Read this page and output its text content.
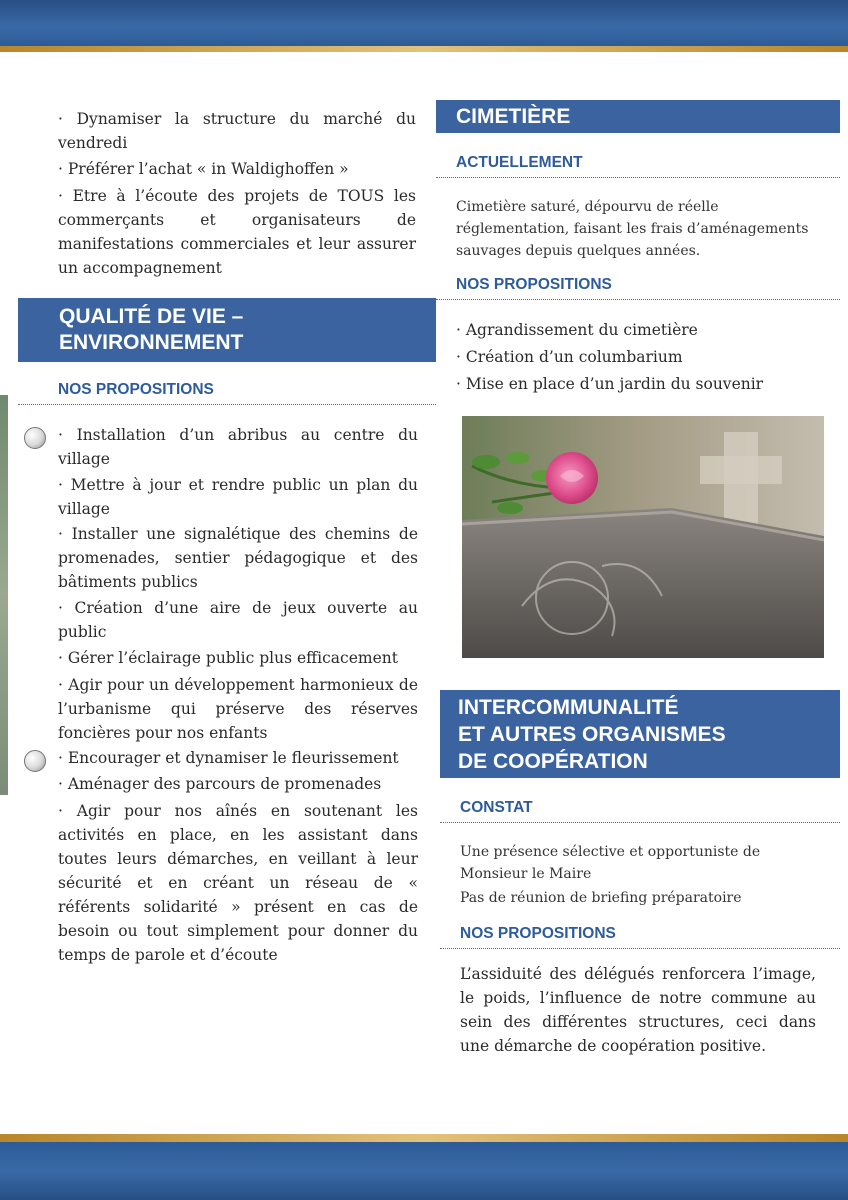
· Dynamiser la structure du marché du vendredi
· Préférer l’achat « in Waldighoffen »
· Etre à l’écoute des projets de TOUS les commerçants et organisateurs de manifestations commerciales et leur assurer un accompagnement
QUALITÉ DE VIE –
ENVIRONNEMENT
NOS PROPOSITIONS
· Installation d’un abribus au centre du village
· Mettre à jour et rendre public un plan du village
· Installer une signalétique des chemins de promenades, sentier pédagogique et des bâtiments publics
· Création d’une aire de jeux ouverte au public
· Gérer l’éclairage public plus efficacement
· Agir pour un développement harmonieux de l’urbanisme qui préserve des réserves foncières pour nos enfants
· Encourager et dynamiser le fleurissement
· Aménager des parcours de promenades
· Agir pour nos aînés en soutenant les activités en place, en les assistant dans toutes leurs démarches, en veillant à leur sécurité et en créant un réseau de « référents solidarité » présent en cas de besoin ou tout simplement pour donner du temps de parole et d’écoute
CIMETIÈRE
ACTUELLEMENT
Cimetière saturé, dépourvu de réelle réglementation, faisant les frais d’aménagements sauvages depuis quelques années.
NOS PROPOSITIONS
· Agrandissement du cimetière
· Création d’un columbarium
· Mise en place d’un jardin du souvenir
INTERCOMMUNALITÉ
ET AUTRES ORGANISMES
DE COOPÉRATION
CONSTAT
Une présence sélective et opportuniste de Monsieur le Maire
Pas de réunion de briefing préparatoire
NOS PROPOSITIONS
L’assiduité des délégués renforcera l’image, le poids, l’influence de notre commune au sein des différentes structures, ceci dans une démarche de coopération positive.
